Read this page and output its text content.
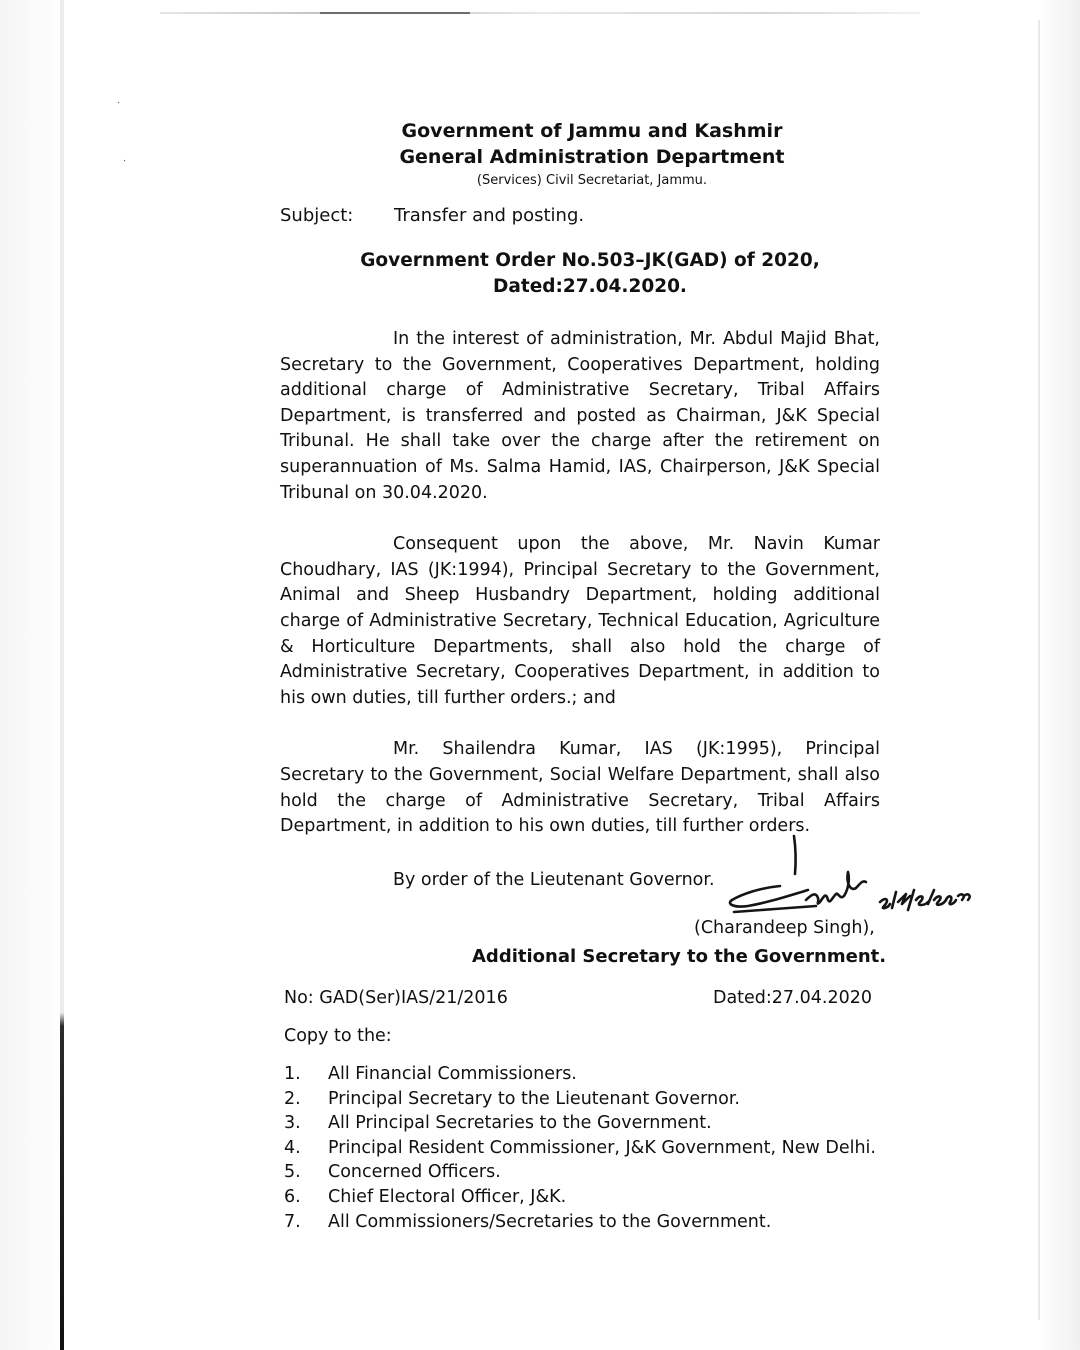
⋅
⋅
Government of Jammu and Kashmir
General Administration Department
(Services) Civil Secretariat, Jammu.
Subject:	Transfer and posting.
Government Order No.503–JK(GAD) of 2020,
Dated:27.04.2020.

In the interest of administration, Mr. Abdul Majid Bhat, Secretary to the Government, Cooperatives Department, holding additional charge of Administrative Secretary, Tribal Affairs Department, is transferred and posted as Chairman, J&K Special Tribunal. He shall take over the charge after the retirement on superannuation of Ms. Salma Hamid, IAS, Chairperson, J&K Special Tribunal on 30.04.2020.

Consequent upon the above, Mr. Navin Kumar Choudhary, IAS (JK:1994), Principal Secretary to the Government, Animal and Sheep Husbandry Department, holding additional charge of Administrative Secretary, Technical Education, Agriculture & Horticulture Departments, shall also hold the charge of Administrative Secretary, Cooperatives Department, in addition to his own duties, till further orders.; and

Mr. Shailendra Kumar, IAS (JK:1995), Principal Secretary to the Government, Social Welfare Department, shall also hold the charge of Administrative Secretary, Tribal Affairs Department, in addition to his own duties, till further orders.

By order of the Lieutenant Governor.
(Charandeep Singh),
Additional Secretary to the Government.
No: GAD(Ser)IAS/21/2016	Dated:27.04.2020
Copy to the:
1.	All Financial Commissioners.
2.	Principal Secretary to the Lieutenant Governor.
3.	All Principal Secretaries to the Government.
4.	Principal Resident Commissioner, J&K Government, New Delhi.
5.	Concerned Officers.
6.	Chief Electoral Officer, J&K.
7.	All Commissioners/Secretaries to the Government.
